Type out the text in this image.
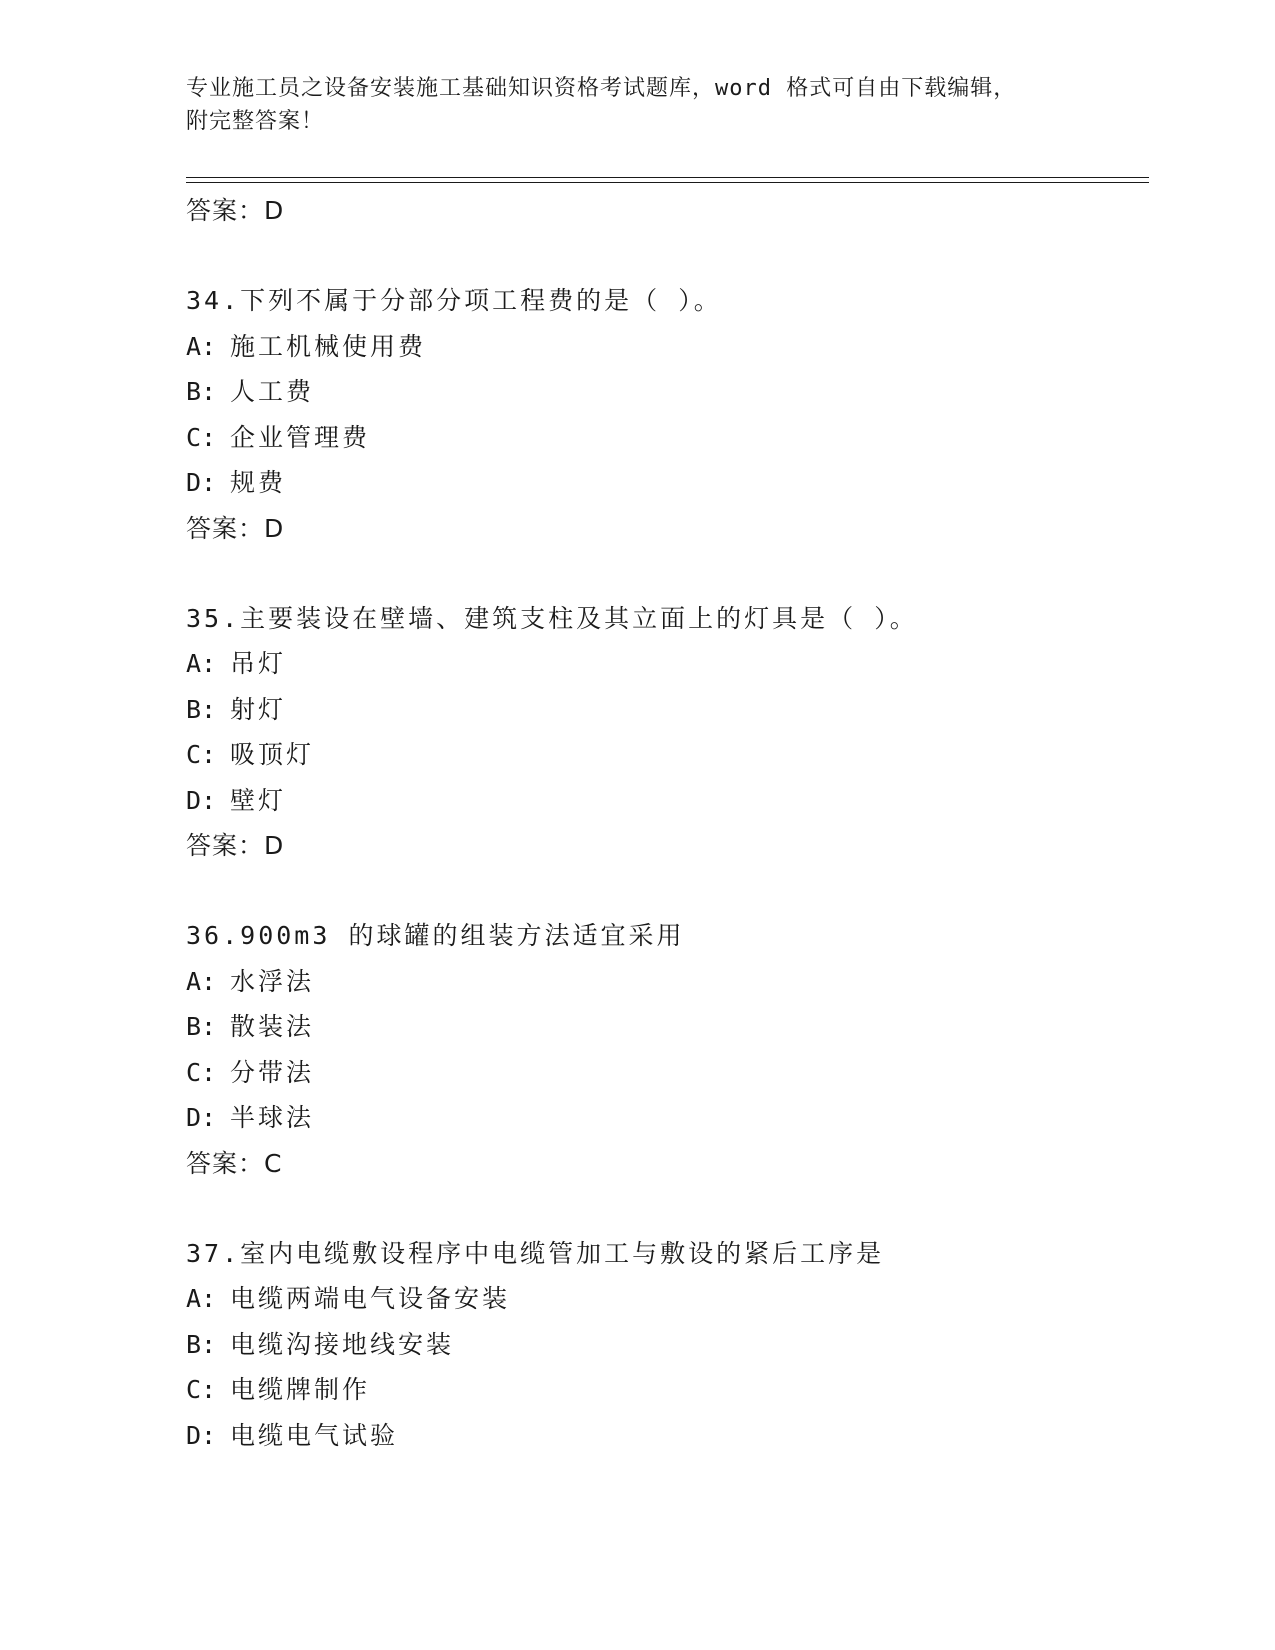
专业施工员之设备安装施工基础知识资格考试题库，word 格式可自由下载编辑，
附完整答案！
答案：D
34.下列不属于分部分项工程费的是（ ）。
A: 施工机械使用费
B: 人工费
C: 企业管理费
D: 规费
答案：D
35.主要装设在壁墙、建筑支柱及其立面上的灯具是（ ）。
A: 吊灯
B: 射灯
C: 吸顶灯
D: 壁灯
答案：D
36.900m3 的球罐的组装方法适宜采用
A: 水浮法
B: 散装法
C: 分带法
D: 半球法
答案：C
37.室内电缆敷设程序中电缆管加工与敷设的紧后工序是
A: 电缆两端电气设备安装
B: 电缆沟接地线安装
C: 电缆牌制作
D: 电缆电气试验
